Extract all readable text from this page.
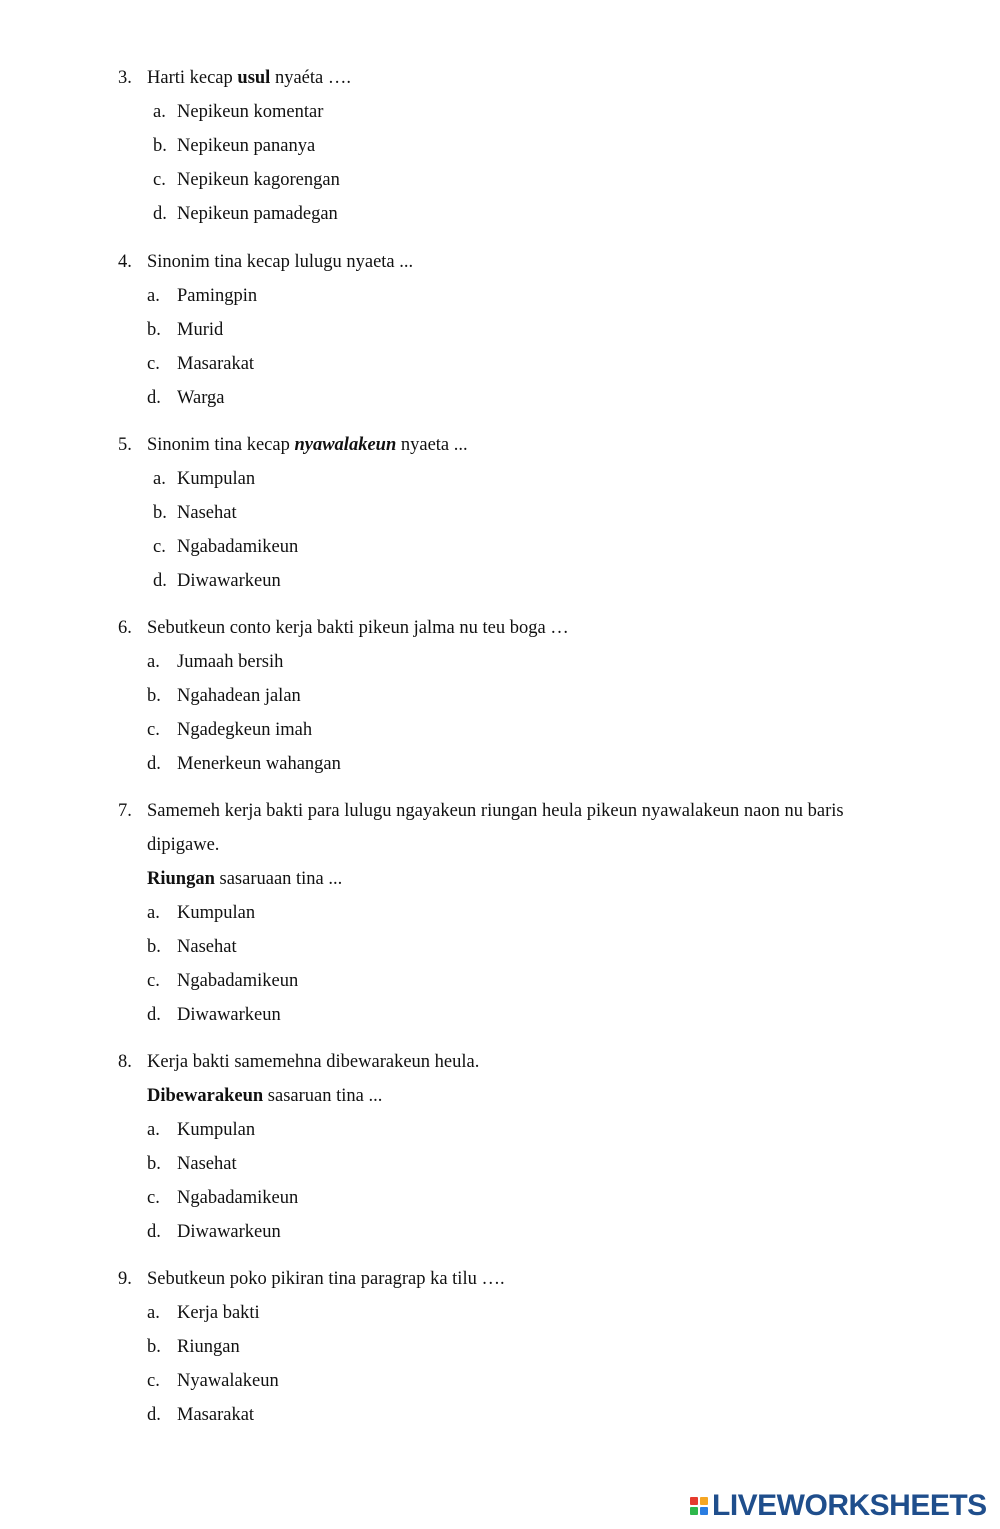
3. Harti kecap usul nyaéta ….
a. Nepikeun komentar
b. Nepikeun pananya
c. Nepikeun kagorengan
d. Nepikeun pamadegan
4. Sinonim tina kecap lulugu nyaeta ...
a. Pamingpin
b. Murid
c. Masarakat
d. Warga
5. Sinonim tina kecap nyawalakeun nyaeta ...
a. Kumpulan
b. Nasehat
c. Ngabadamikeun
d. Diwawarkeun
6. Sebutkeun conto kerja bakti pikeun jalma nu teu boga …
a. Jumaah bersih
b. Ngahadean jalan
c. Ngadegkeun imah
d. Menerkeun wahangan
7. Samemeh kerja bakti para lulugu ngayakeun riungan heula pikeun nyawalakeun naon nu baris
dipigawe.
Riungan sasaruaan tina ...
a. Kumpulan
b. Nasehat
c. Ngabadamikeun
d. Diwawarkeun
8. Kerja bakti samemehna dibewarakeun heula.
Dibewarakeun sasaruan tina ...
a. Kumpulan
b. Nasehat
c. Ngabadamikeun
d. Diwawarkeun
9. Sebutkeun poko pikiran tina paragrap ka tilu ….
a. Kerja bakti
b. Riungan
c. Nyawalakeun
d. Masarakat
LIVEWORKSHEETS
